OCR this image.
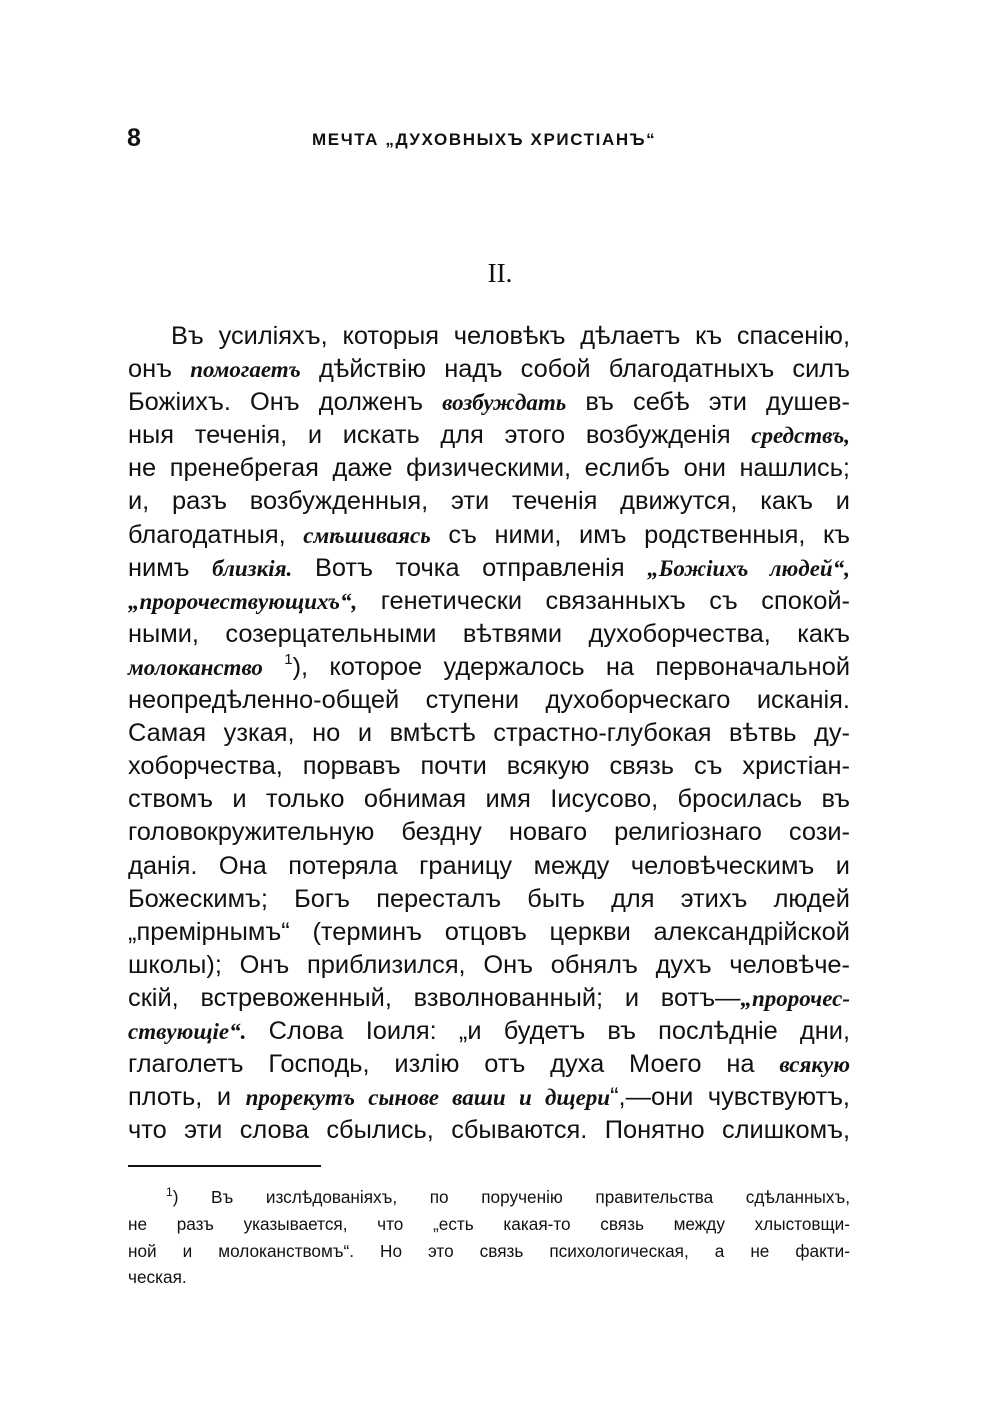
8	МЕЧТА „ДУХОВНЫХЪ ХРИСТІАНЪ“
II.
Въ усиліяхъ, которыя человѣкъ дѣлаетъ къ спасенію,
онъ помогаетъ дѣйствію надъ собой благодатныхъ силъ
Божіихъ. Онъ долженъ возбуждать въ себѣ эти душев-
ныя теченія, и искать для этого возбужденія средствъ,
не пренебрегая даже физическими, еслибъ они нашлись;
и, разъ возбужденныя, эти теченія движутся, какъ и
благодатныя, смѣшиваясь съ ними, имъ родственныя, къ
нимъ близкія. Вотъ точка отправленія „Божіихъ людей“,
„пророчествующихъ“, генетически связанныхъ съ спокой-
ными, созерцательными вѣтвями духоборчества, какъ
молоканство $^1$), которое удержалось на первоначальной
неопредѣленно-общей ступени духоборческаго исканія.
Самая узкая, но и вмѣстѣ страстно-глубокая вѣтвь ду-
хоборчества, порвавъ почти всякую связь съ христіан-
ствомъ и только обнимая имя Іисусово, бросилась въ
головокружительную бездну новаго религіознаго сози-
данія. Она потеряла границу между человѣческимъ и
Божескимъ; Богъ пересталъ быть для этихъ людей
„премірнымъ“ (терминъ отцовъ церкви александрійской
школы); Онъ приблизился, Онъ обнялъ духъ человѣче-
скій, встревоженный, взволнованный; и вотъ—„пророчес-
ствующіе“. Слова Іоиля: „и будетъ въ послѣдніе дни,
глаголетъ Господь, излію отъ духа Моего на всякую
плоть, и прорекутъ сынове ваши и дщери“,—они чувствуютъ,
что эти слова сбылись, сбываются. Понятно слишкомъ,
$^1$) Въ изслѣдованіяхъ, по порученію правительства сдѣланныхъ,
не разъ указывается, что „есть какая-то связь между хлыстовщи-
ной и молоканствомъ“. Но это связь психологическая, а не факти-
ческая.
